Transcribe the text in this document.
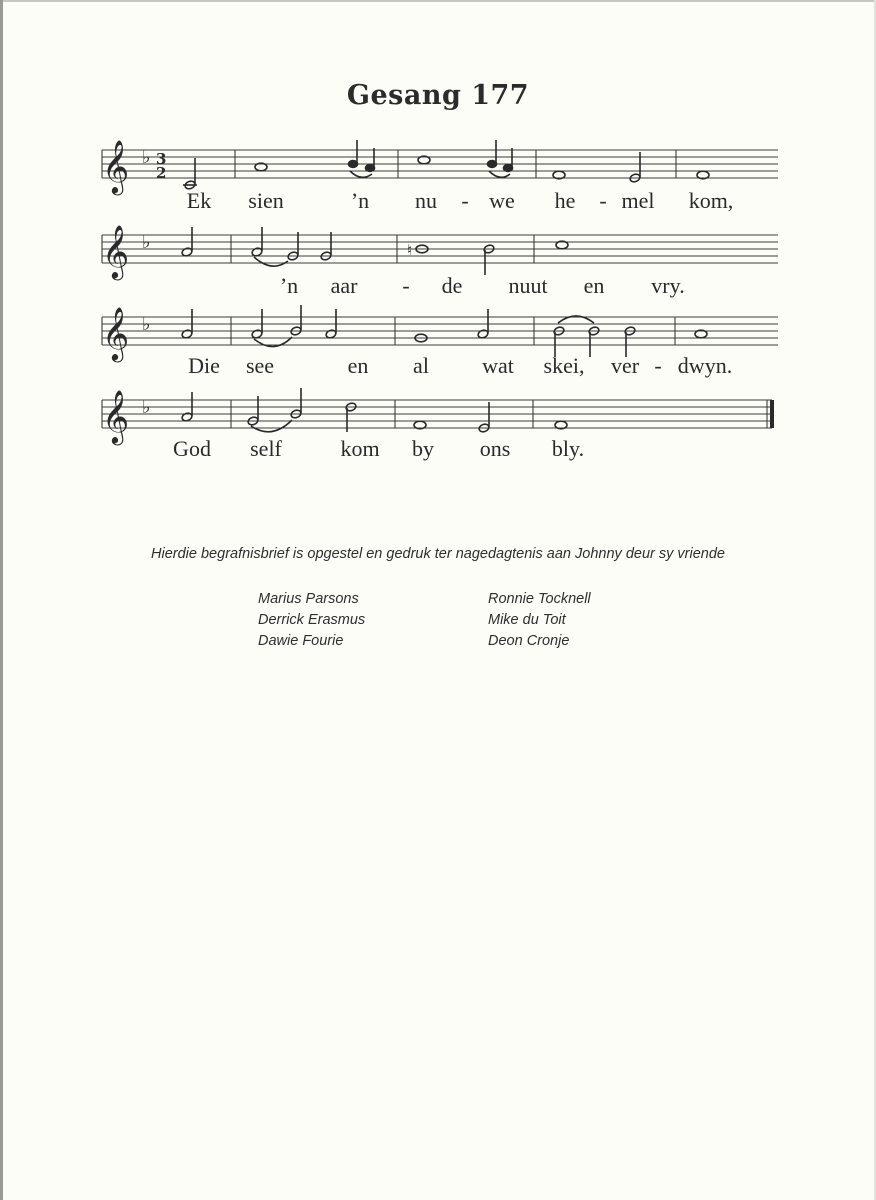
Gesang 177
𝄞 ♭ 3
2
Ek sien	’n nu - we he - mel kom,
𝄞 ♭	♮
’n aar - de nuut en vry.
𝄞 ♭
Die see	en al wat skei, ver - dwyn.
𝄞 ♭
God self	kom by ons bly.
Hierdie begrafnisbrief is opgestel en gedruk ter nagedagtenis aan Johnny deur sy vriende
Marius Parsons
Derrick Erasmus
Dawie Fourie
Ronnie Tocknell
Mike du Toit
Deon Cronje
